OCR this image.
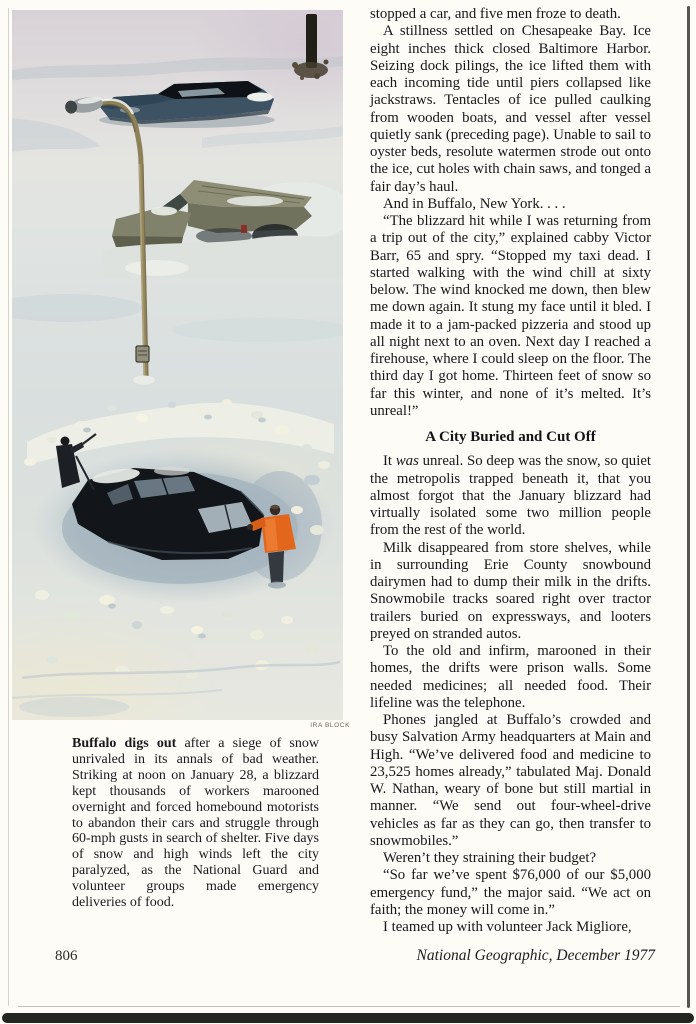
IRA BLOCK
Buffalo digs out after a siege of snow unrivaled in its annals of bad weather. Striking at noon on January 28, a blizzard kept thousands of workers marooned overnight and forced homebound motorists to abandon their cars and struggle through 60-mph gusts in search of shelter. Five days of snow and high winds left the city paralyzed, as the National Guard and volunteer groups made emergency deliveries of food.

stopped a car, and five men froze to death.

A stillness settled on Chesapeake Bay. Ice eight inches thick closed Baltimore Harbor. Seizing dock pilings, the ice lifted them with each incoming tide until piers collapsed like jackstraws. Tentacles of ice pulled caulking from wooden boats, and vessel after vessel quietly sank (preceding page). Unable to sail to oyster beds, resolute watermen strode out onto the ice, cut holes with chain saws, and tonged a fair day’s haul.

And in Buffalo, New York. . . .

“The blizzard hit while I was returning from a trip out of the city,” explained cabby Victor Barr, 65 and spry. “Stopped my taxi dead. I started walking with the wind chill at sixty below. The wind knocked me down, then blew me down again. It stung my face until it bled. I made it to a jam-packed pizzeria and stood up all night next to an oven. Next day I reached a firehouse, where I could sleep on the floor. The third day I got home. Thirteen feet of snow so far this winter, and none of it’s melted. It’s unreal!”

A City Buried and Cut Off

It was unreal. So deep was the snow, so quiet the metropolis trapped beneath it, that you almost forgot that the January blizzard had virtually isolated some two million people from the rest of the world.

Milk disappeared from store shelves, while in surrounding Erie County snowbound dairymen had to dump their milk in the drifts. Snowmobile tracks soared right over tractor trailers buried on expressways, and looters preyed on stranded autos.

To the old and infirm, marooned in their homes, the drifts were prison walls. Some needed medicines; all needed food. Their lifeline was the telephone.

Phones jangled at Buffalo’s crowded and busy Salvation Army headquarters at Main and High. “We’ve delivered food and medicine to 23,525 homes already,” tabulated Maj. Donald W. Nathan, weary of bone but still martial in manner. “We send out four-wheel-drive vehicles as far as they can go, then transfer to snowmobiles.”

Weren’t they straining their budget?

“So far we’ve spent $76,000 of our $5,000 emergency fund,” the major said. “We act on faith; the money will come in.”

I teamed up with volunteer Jack Migliore,

806	National Geographic, December 1977
